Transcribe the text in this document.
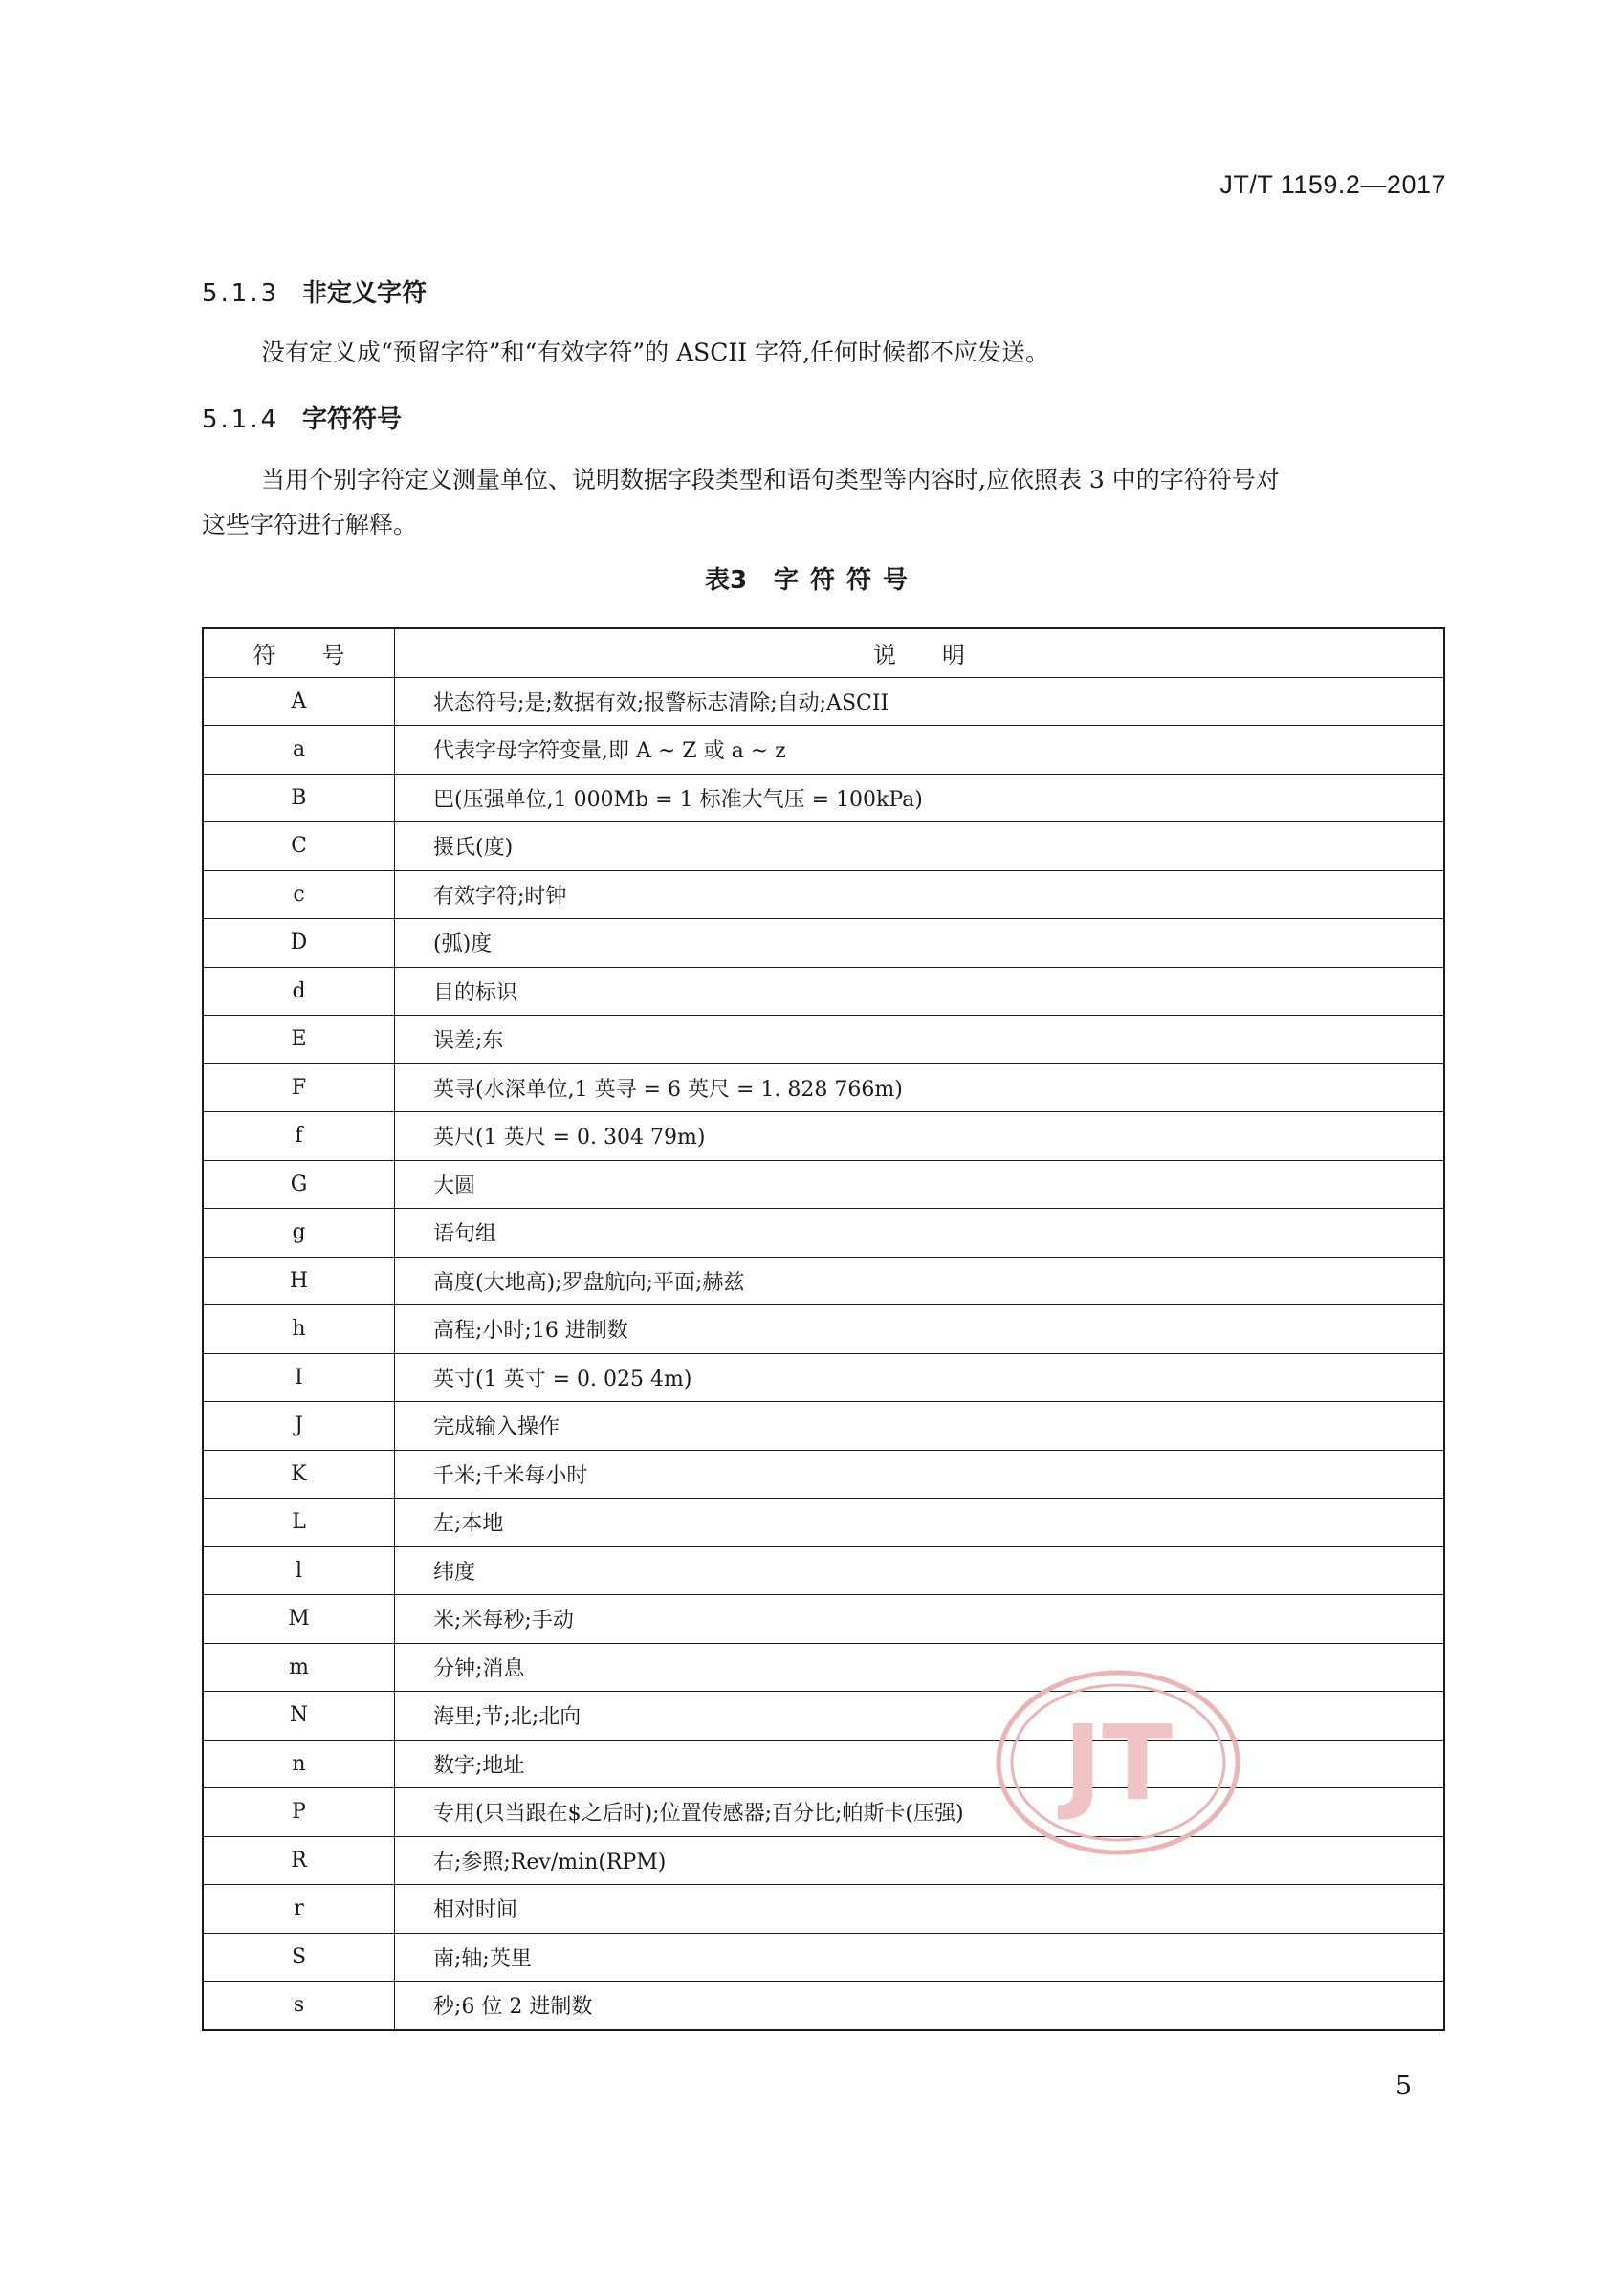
JT/T 1159.2—2017
5.1.3 非定义字符
没有定义成“预留字符”和“有效字符”的 ASCII 字符,任何时候都不应发送。
5.1.4 字符符号
当用个别字符定义测量单位、说明数据字段类型和语句类型等内容时,应依照表 3 中的字符符号对
这些字符进行解释。
表3 字符符号
符　　号	说　　明
A	状态符号;是;数据有效;报警标志清除;自动;ASCII
a	代表字母字符变量,即 A ~ Z 或 a ~ z
B	巴(压强单位,1 000Mb = 1 标准大气压 = 100kPa)
C	摄氏(度)
c	有效字符;时钟
D	(弧)度
d	目的标识
E	误差;东
F	英寻(水深单位,1 英寻 = 6 英尺 = 1. 828 766m)
f	英尺(1 英尺 = 0. 304 79m)
G	大圆
g	语句组
H	高度(大地高);罗盘航向;平面;赫兹
h	高程;小时;16 进制数
I	英寸(1 英寸 = 0. 025 4m)
J	完成输入操作
K	千米;千米每小时
L	左;本地
l	纬度
M	米;米每秒;手动
m	分钟;消息
N	海里;节;北;北向
n	数字;地址
P	专用(只当跟在$之后时);位置传感器;百分比;帕斯卡(压强)
R	右;参照;Rev/min(RPM)
r	相对时间
S	南;轴;英里
s	秒;6 位 2 进制数
JT
5
